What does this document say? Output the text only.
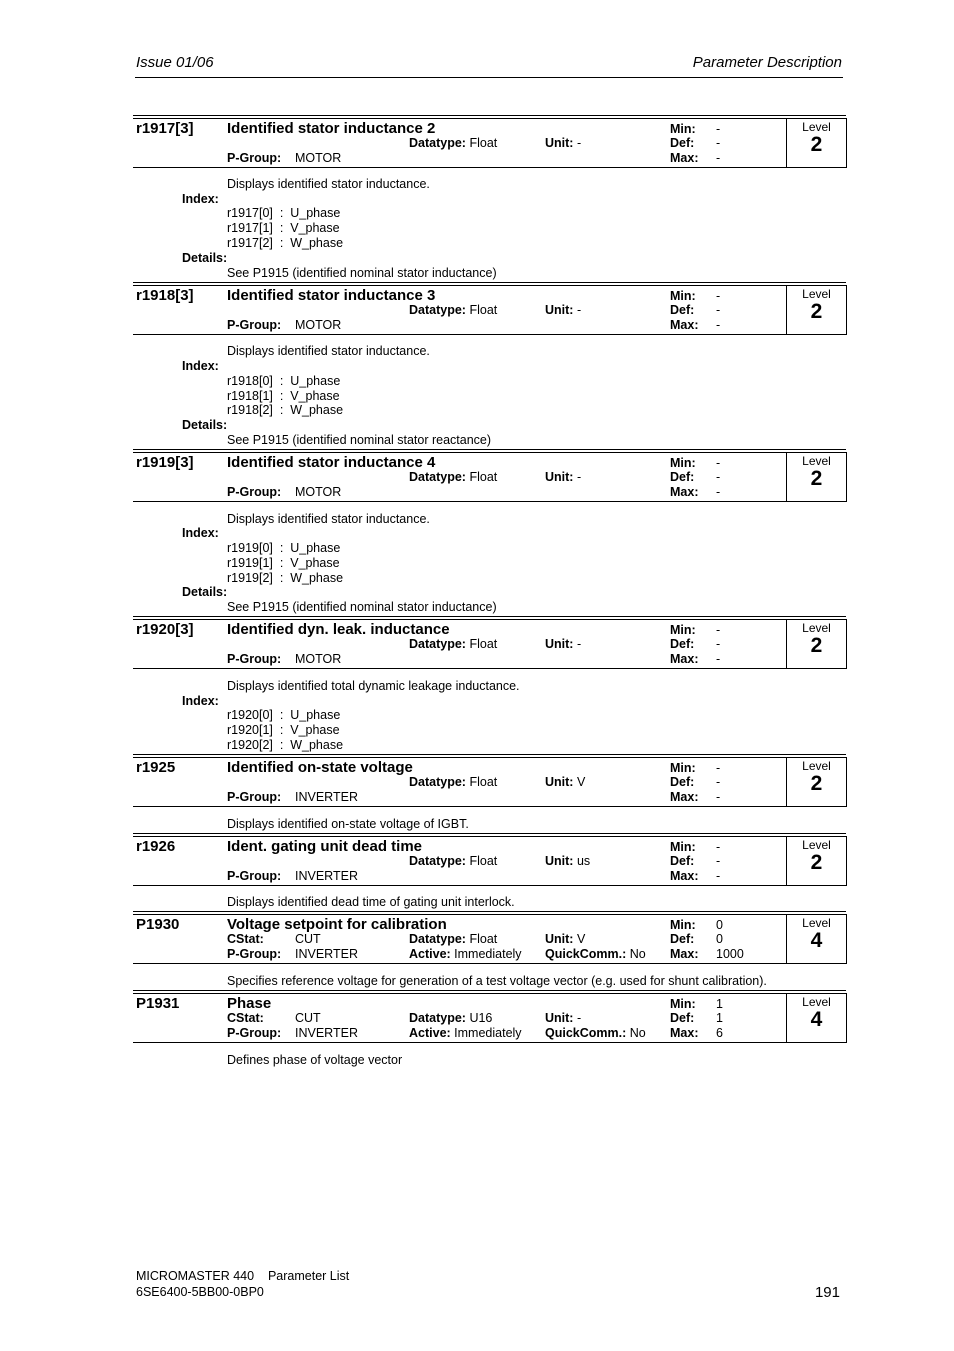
Issue 01/06	Parameter Description
r1917[3] Identified stator inductance 2	Min: -
Datatype: Float	Unit: -	Def: -
P-Group: MOTOR	Max: -
Level
2
Displays identified stator inductance.
Index:
r1917[0]  :  U_phase
r1917[1]  :  V_phase
r1917[2]  :  W_phase
Details:
See P1915 (identified nominal stator inductance)
r1918[3] Identified stator inductance 3	Min: -
Datatype: Float	Unit: -	Def: -
P-Group: MOTOR	Max: -
Level
2
Displays identified stator inductance.
Index:
r1918[0]  :  U_phase
r1918[1]  :  V_phase
r1918[2]  :  W_phase
Details:
See P1915 (identified nominal stator reactance)
r1919[3] Identified stator inductance 4	Min: -
Datatype: Float	Unit: -	Def: -
P-Group: MOTOR	Max: -
Level
2
Displays identified stator inductance.
Index:
r1919[0]  :  U_phase
r1919[1]  :  V_phase
r1919[2]  :  W_phase
Details:
See P1915 (identified nominal stator inductance)
r1920[3] Identified dyn. leak. inductance	Min: -
Datatype: Float	Unit: -	Def: -
P-Group: MOTOR	Max: -
Level
2
Displays identified total dynamic leakage inductance.
Index:
r1920[0]  :  U_phase
r1920[1]  :  V_phase
r1920[2]  :  W_phase
r1925	Identified on-state voltage	Min: -
Datatype: Float	Unit: V	Def: -
P-Group: INVERTER	Max: -
Level
2
Displays identified on-state voltage of IGBT.
r1926	Ident. gating unit dead time	Min: -
Datatype: Float	Unit: us	Def: -
P-Group: INVERTER	Max: -
Level
2
Displays identified dead time of gating unit interlock.
P1930	Voltage setpoint for calibration	Min: 0
CStat: CUT	Datatype: Float	Unit: V	Def: 0
P-Group: INVERTER	Active: Immediately QuickComm.: No Max: 1000
Level
4
Specifies reference voltage for generation of a test voltage vector (e.g. used for shunt calibration).
P1931	Phase	Min: 1
CStat: CUT	Datatype: U16	Unit: -	Def: 1
P-Group: INVERTER	Active: Immediately QuickComm.: No Max: 6
Level
4
Defines phase of voltage vector
MICROMASTER 440    Parameter List
6SE6400-5BB00-0BP0	191
